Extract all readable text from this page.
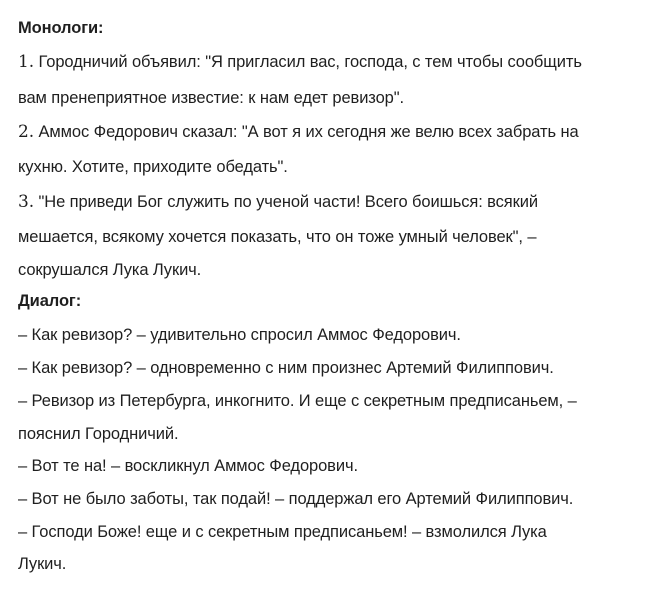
Монологи:
1. Городничий объявил: "Я пригласил вас, господа, с тем чтобы сообщить
вам пренеприятное известие: к нам едет ревизор".
2. Аммос Федорович сказал: "А вот я их сегодня же велю всех забрать на
кухню. Хотите, приходите обедать".
3. "Не приведи Бог служить по ученой части! Всего боишься: всякий
мешается, всякому хочется показать, что он тоже умный человек", –
сокрушался Лука Лукич.
Диалог:
– Как ревизор? – удивительно спросил Аммос Федорович.
– Как ревизор? – одновременно с ним произнес Артемий Филиппович.
– Ревизор из Петербурга, инкогнито. И еще с секретным предписаньем, –
пояснил Городничий.
– Вот те на! – воскликнул Аммос Федорович.
– Вот не было заботы, так подай! – поддержал его Артемий Филиппович.
– Господи Боже! еще и с секретным предписаньем! – взмолился Лука
Лукич.
